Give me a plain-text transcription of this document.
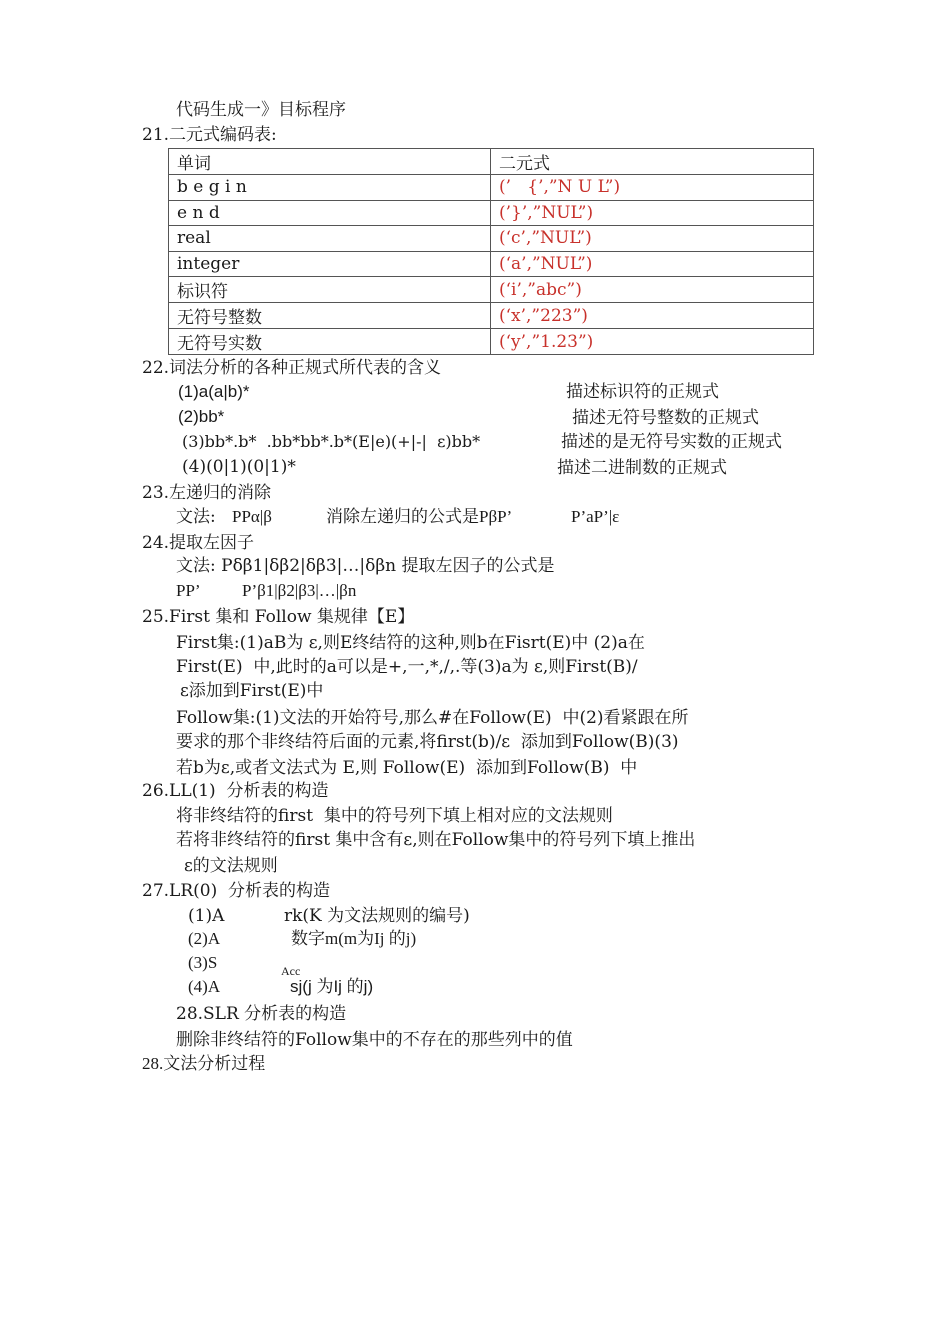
代码生成一》目标程序
21.二元式编码表:
单词	二元式
b e g i n	(’   {’,”N U L”)
e n d	(’}’,”NUL”)
real	(‘c’,”NUL”)
integer	(‘a’,”NUL”)
标识符	(‘i’,”abc”)
无符号整数	(‘x’,”223”)
无符号实数	(‘y’,”1.23”)
22.词法分析的各种正规式所代表的含义
(1)a(a|b)*	描述标识符的正规式
(2)bb*	描述无符号整数的正规式
(3)bb*.b*  .bb*bb*.b*(E|e)(+|-|  ε)bb*	描述的是无符号实数的正规式
(4)(0|1)(0|1)*	描述二进制数的正规式
23.左递归的消除
文法: PPα|β	消除左递归的公式是PβP’	P’aP’|ε
24.提取左因子
文法: Pδβ1|δβ2|δβ3|…|δβn 提取左因子的公式是
PP’ P’β1|β2|β3|…|βn
25.First 集和 Follow 集规律【E】
First集:(1)aB为 ε,则E终结符的这种,则b在Fisrt(E)中 (2)a在
First(E)  中,此时的a可以是+,一,*,/,.等(3)a为 ε,则First(B)/
ε添加到First(E)中
Follow集:(1)文法的开始符号,那么#在Follow(E)  中(2)看紧跟在所
要求的那个非终结符后面的元素,将first(b)/ε  添加到Follow(B)(3)
若b为ε,或者文法式为 E,则 Follow(E)  添加到Follow(B)  中
26.LL(1)  分析表的构造
将非终结符的first  集中的符号列下填上相对应的文法规则
若将非终结符的first 集中含有ε,则在Follow集中的符号列下填上推出
ε的文法规则
27.LR(0)  分析表的构造
(1)A	rk(K 为文法规则的编号)
(2)A	数字m(m为Ij 的j)
(3)S	Acc
(4)A	sj(j 为Ij 的j)
28.SLR 分析表的构造
删除非终结符的Follow集中的不存在的那些列中的值
28.文法分析过程
